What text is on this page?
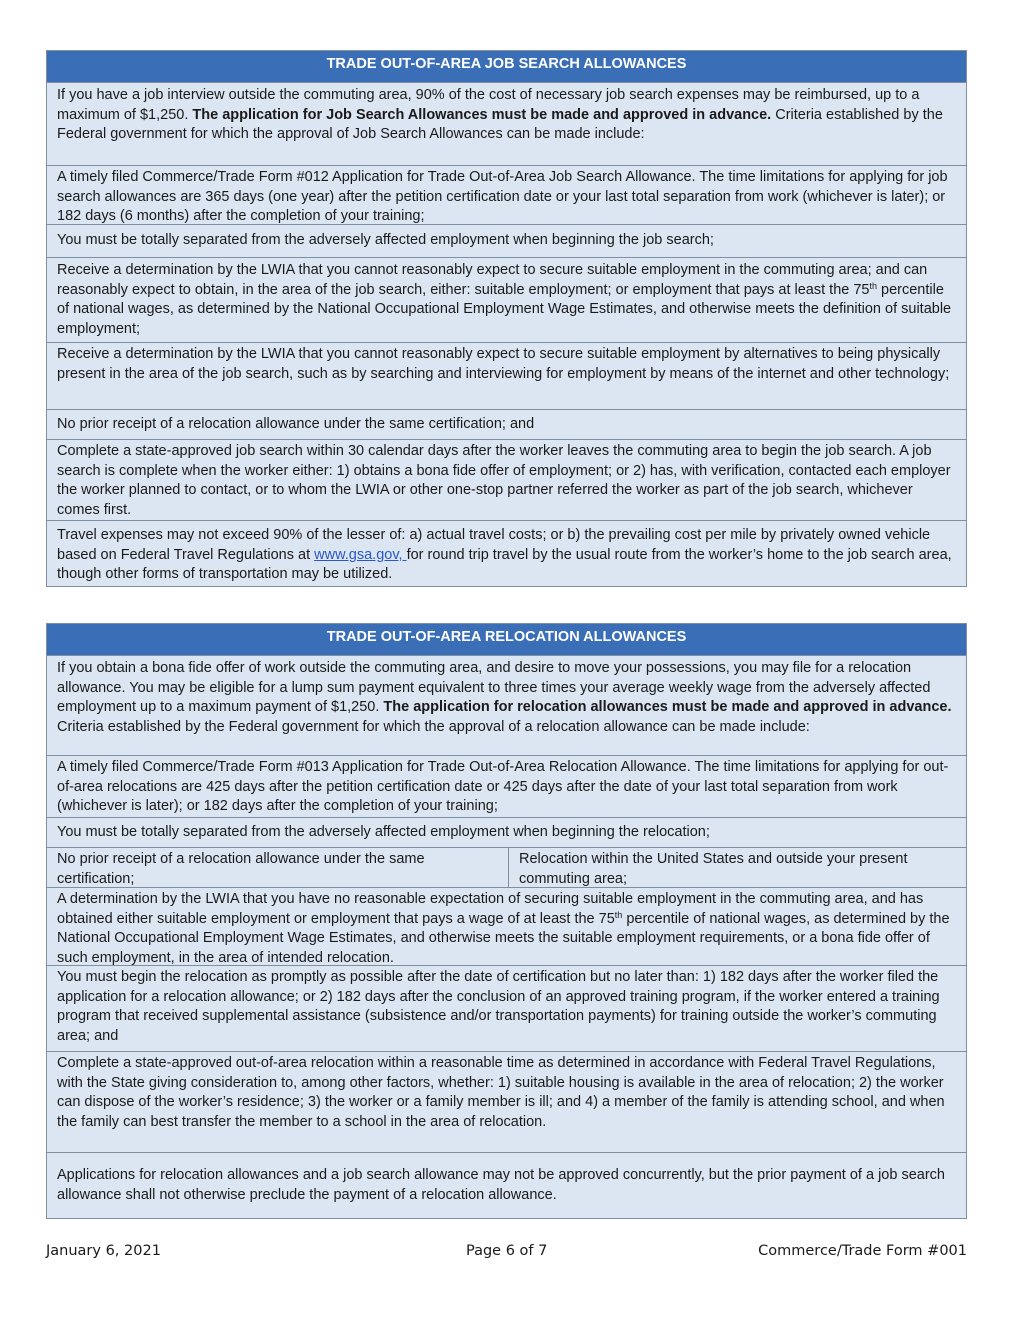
TRADE OUT-OF-AREA JOB SEARCH ALLOWANCES
If you have a job interview outside the commuting area, 90% of the cost of necessary job search expenses may be reimbursed, up to a maximum of $1,250. The application for Job Search Allowances must be made and approved in advance. Criteria established by the Federal government for which the approval of Job Search Allowances can be made include:
A timely filed Commerce/Trade Form #012 Application for Trade Out-of-Area Job Search Allowance. The time limitations for applying for job search allowances are 365 days (one year) after the petition certification date or your last total separation from work (whichever is later); or 182 days (6 months) after the completion of your training;
You must be totally separated from the adversely affected employment when beginning the job search;
Receive a determination by the LWIA that you cannot reasonably expect to secure suitable employment in the commuting area; and can reasonably expect to obtain, in the area of the job search, either: suitable employment; or employment that pays at least the 75th percentile of national wages, as determined by the National Occupational Employment Wage Estimates, and otherwise meets the definition of suitable employment;
Receive a determination by the LWIA that you cannot reasonably expect to secure suitable employment by alternatives to being physically present in the area of the job search, such as by searching and interviewing for employment by means of the internet and other technology;
No prior receipt of a relocation allowance under the same certification; and
Complete a state-approved job search within 30 calendar days after the worker leaves the commuting area to begin the job search. A job search is complete when the worker either: 1) obtains a bona fide offer of employment; or 2) has, with verification, contacted each employer the worker planned to contact, or to whom the LWIA or other one-stop partner referred the worker as part of the job search, whichever comes first.
Travel expenses may not exceed 90% of the lesser of: a) actual travel costs; or b) the prevailing cost per mile by privately owned vehicle based on Federal Travel Regulations at www.gsa.gov, for round trip travel by the usual route from the worker’s home to the job search area, though other forms of transportation may be utilized.
TRADE OUT-OF-AREA RELOCATION ALLOWANCES
If you obtain a bona fide offer of work outside the commuting area, and desire to move your possessions, you may file for a relocation allowance. You may be eligible for a lump sum payment equivalent to three times your average weekly wage from the adversely affected employment up to a maximum payment of $1,250. The application for relocation allowances must be made and approved in advance. Criteria established by the Federal government for which the approval of a relocation allowance can be made include:
A timely filed Commerce/Trade Form #013 Application for Trade Out-of-Area Relocation Allowance. The time limitations for applying for out-of-area relocations are 425 days after the petition certification date or 425 days after the date of your last total separation from work (whichever is later); or 182 days after the completion of your training;
You must be totally separated from the adversely affected employment when beginning the relocation;
No prior receipt of a relocation allowance under the same certification;
Relocation within the United States and outside your present commuting area;
A determination by the LWIA that you have no reasonable expectation of securing suitable employment in the commuting area, and has obtained either suitable employment or employment that pays a wage of at least the 75th percentile of national wages, as determined by the National Occupational Employment Wage Estimates, and otherwise meets the suitable employment requirements, or a bona fide offer of such employment, in the area of intended relocation.
You must begin the relocation as promptly as possible after the date of certification but no later than: 1) 182 days after the worker filed the application for a relocation allowance; or 2) 182 days after the conclusion of an approved training program, if the worker entered a training program that received supplemental assistance (subsistence and/or transportation payments) for training outside the worker’s commuting area; and
Complete a state-approved out-of-area relocation within a reasonable time as determined in accordance with Federal Travel Regulations, with the State giving consideration to, among other factors, whether: 1) suitable housing is available in the area of relocation; 2) the worker can dispose of the worker’s residence; 3) the worker or a family member is ill; and 4) a member of the family is attending school, and when the family can best transfer the member to a school in the area of relocation.
Applications for relocation allowances and a job search allowance may not be approved concurrently, but the prior payment of a job search allowance shall not otherwise preclude the payment of a relocation allowance.
January 6, 2021	Page 6 of 7	Commerce/Trade Form #001
